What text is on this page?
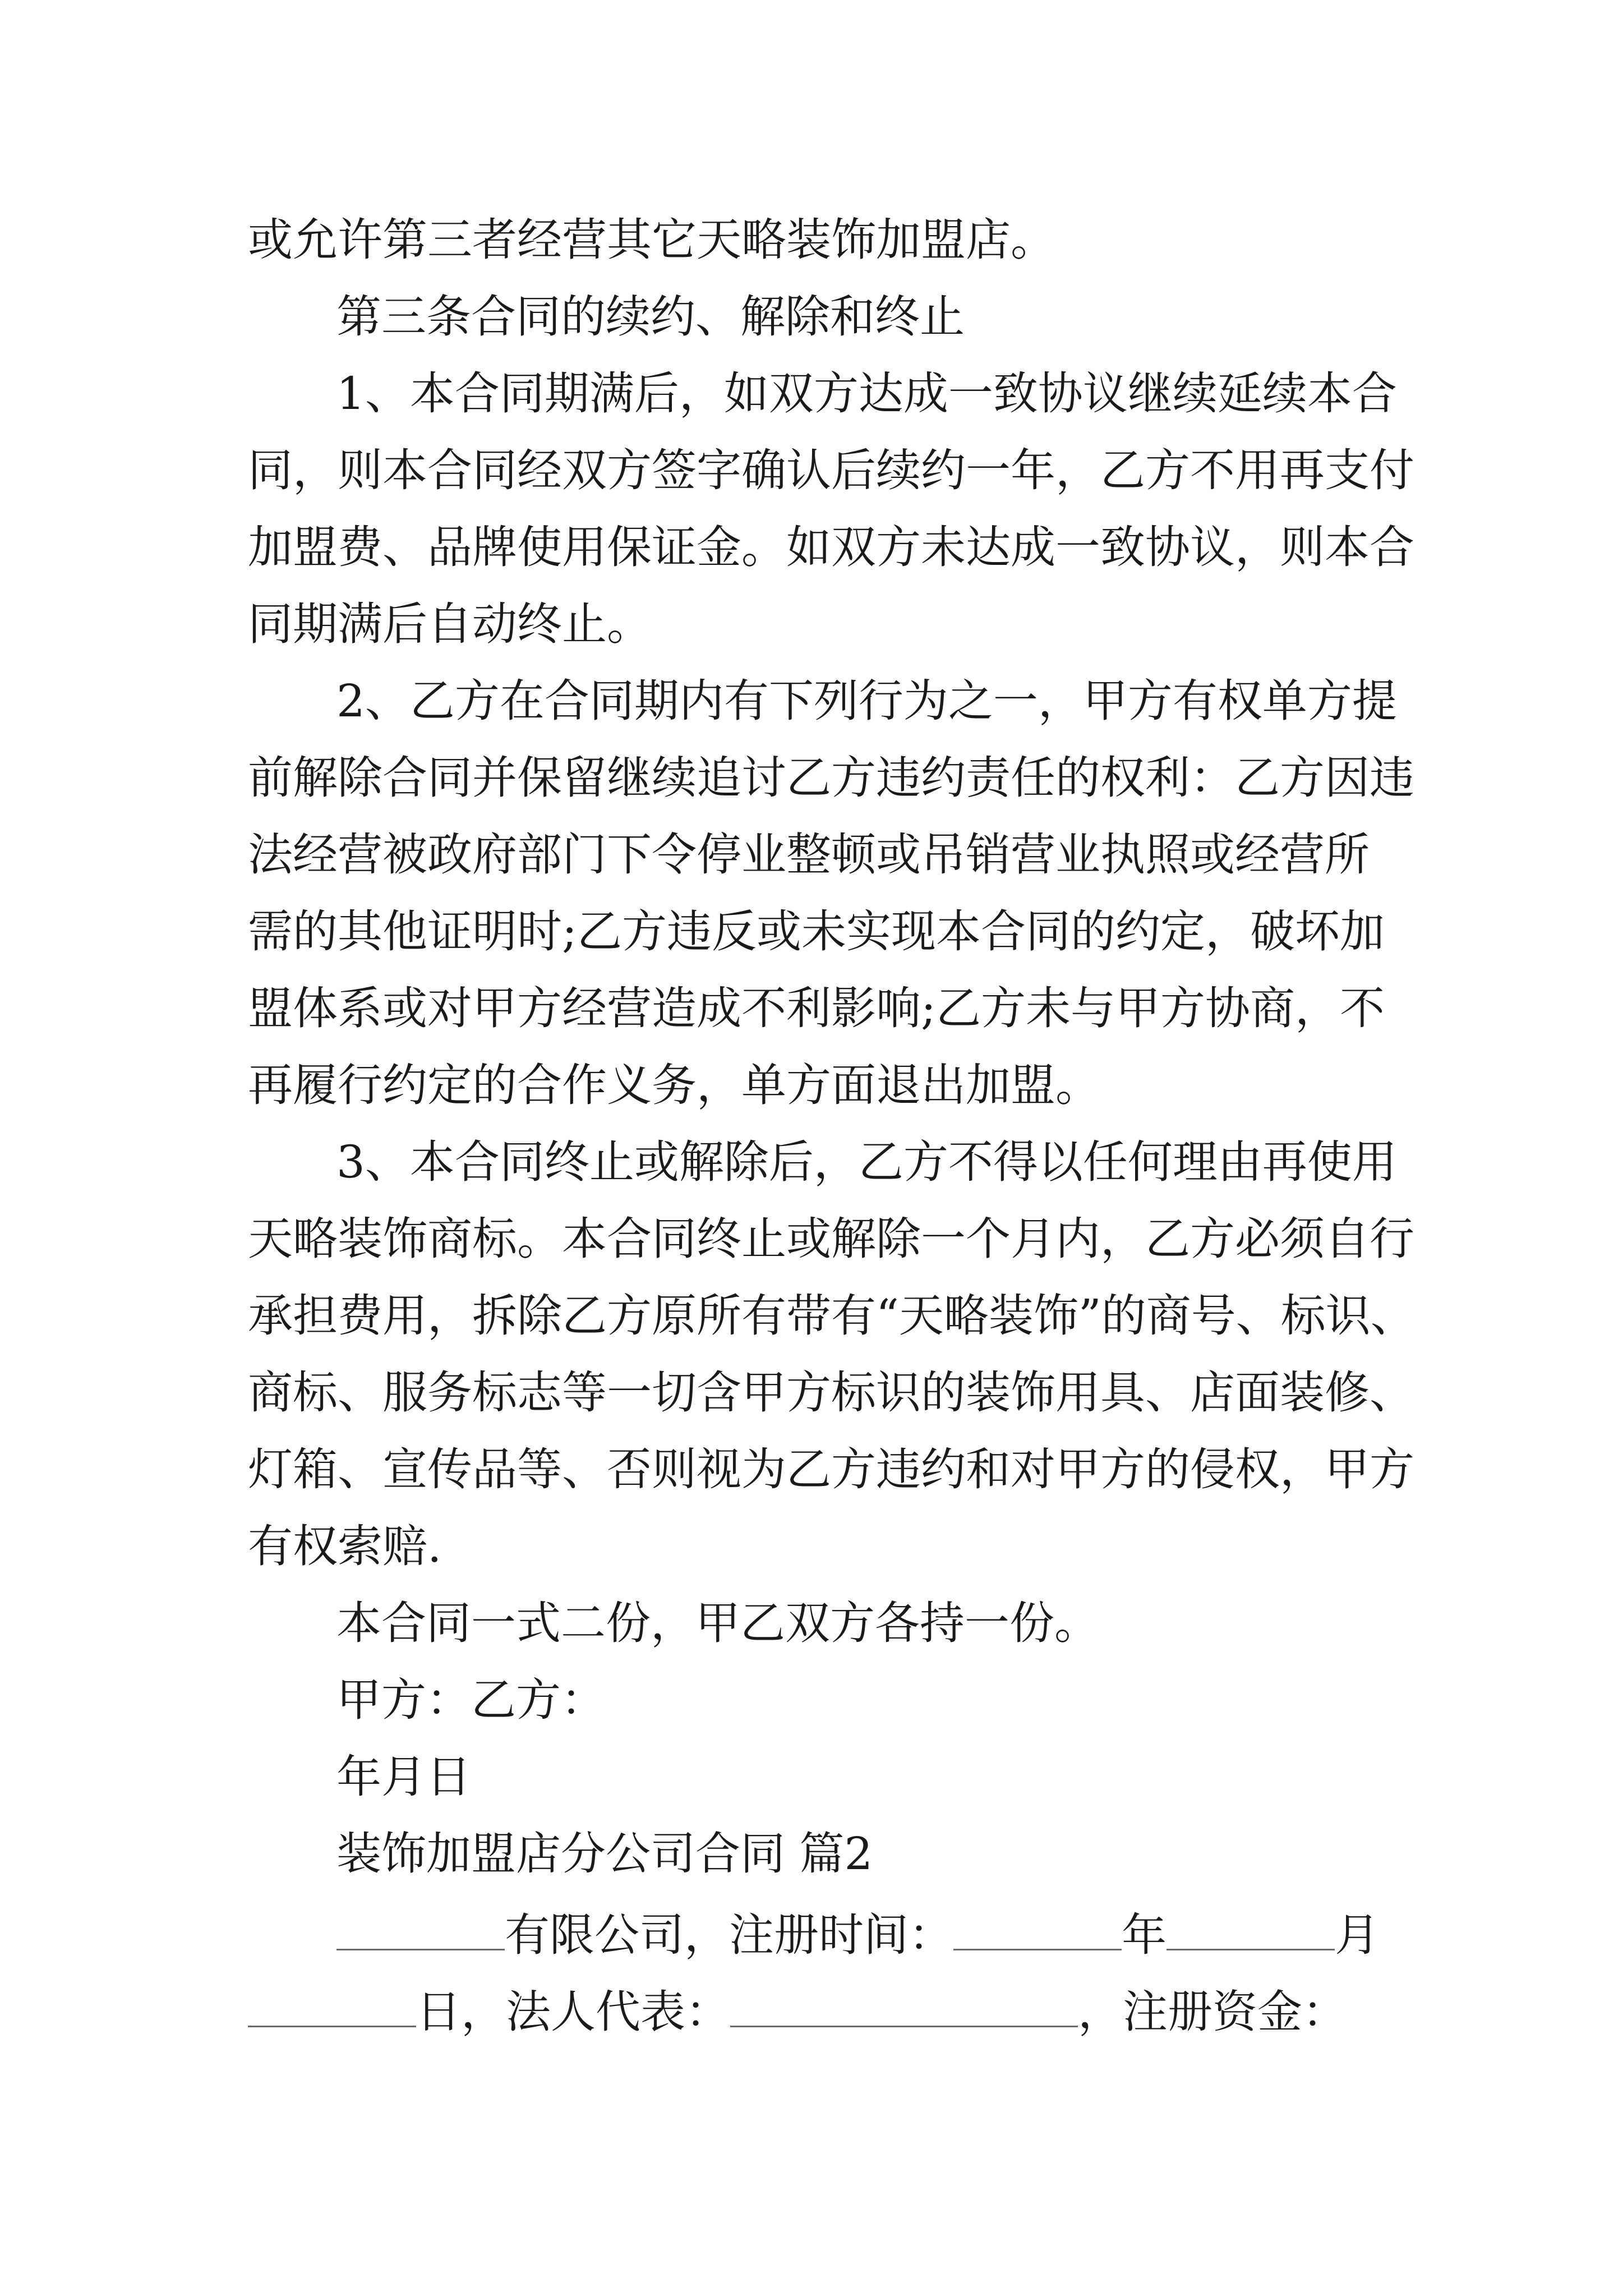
或允许第三者经营其它天略装饰加盟店。
第三条合同的续约、解除和终止
1、本合同期满后，如双方达成一致协议继续延续本合
同，则本合同经双方签字确认后续约一年，乙方不用再支付
加盟费、品牌使用保证金。如双方未达成一致协议，则本合
同期满后自动终止。
2、乙方在合同期内有下列行为之一，甲方有权单方提
前解除合同并保留继续追讨乙方违约责任的权利：乙方因违
法经营被政府部门下令停业整顿或吊销营业执照或经营所
需的其他证明时;乙方违反或未实现本合同的约定，破坏加
盟体系或对甲方经营造成不利影响;乙方未与甲方协商，不
再履行约定的合作义务，单方面退出加盟。
3、本合同终止或解除后，乙方不得以任何理由再使用
天略装饰商标。本合同终止或解除一个月内，乙方必须自行
承担费用，拆除乙方原所有带有“天略装饰”的商号、标识、
商标、服务标志等一切含甲方标识的装饰用具、店面装修、
灯箱、宣传品等、否则视为乙方违约和对甲方的侵权，甲方
有权索赔.
本合同一式二份，甲乙双方各持一份。
甲方：乙方：
年月日
装饰加盟店分公司合同 篇2
有限公司，注册时间：	年	月
日，法人代表：	，注册资金：
